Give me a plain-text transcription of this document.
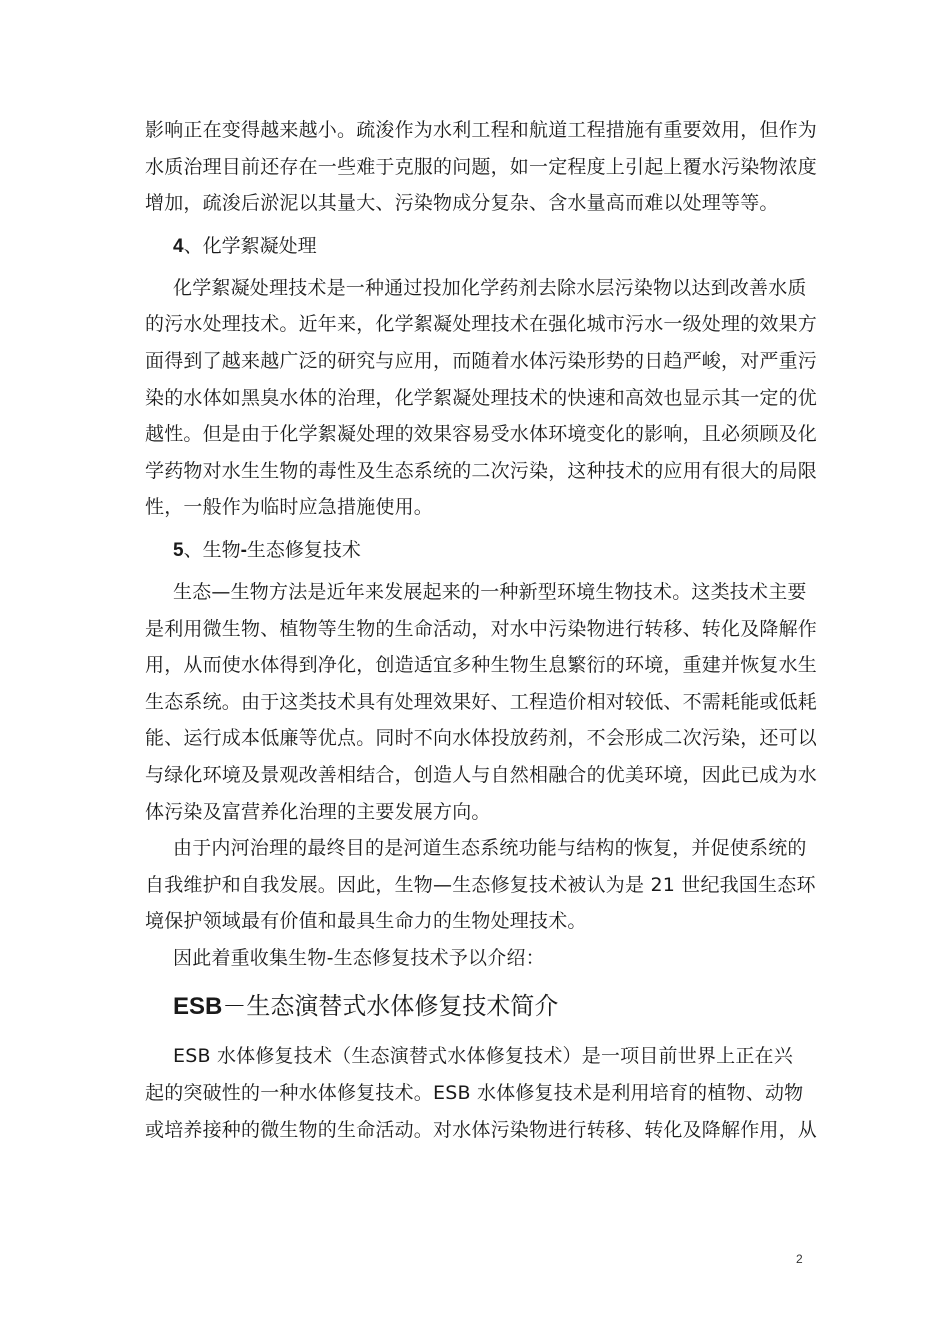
影响正在变得越来越小。疏浚作为水利工程和航道工程措施有重要效用，但作为
水质治理目前还存在一些难于克服的问题，如一定程度上引起上覆水污染物浓度
增加，疏浚后淤泥以其量大、污染物成分复杂、含水量高而难以处理等等。
4、化学絮凝处理
化学絮凝处理技术是一种通过投加化学药剂去除水层污染物以达到改善水质
的污水处理技术。近年来，化学絮凝处理技术在强化城市污水一级处理的效果方
面得到了越来越广泛的研究与应用，而随着水体污染形势的日趋严峻，对严重污
染的水体如黑臭水体的治理，化学絮凝处理技术的快速和高效也显示其一定的优
越性。但是由于化学絮凝处理的效果容易受水体环境变化的影响，且必须顾及化
学药物对水生生物的毒性及生态系统的二次污染，这种技术的应用有很大的局限
性，一般作为临时应急措施使用。
5、生物-生态修复技术
生态—生物方法是近年来发展起来的一种新型环境生物技术。这类技术主要
是利用微生物、植物等生物的生命活动，对水中污染物进行转移、转化及降解作
用，从而使水体得到净化，创造适宜多种生物生息繁衍的环境，重建并恢复水生
生态系统。由于这类技术具有处理效果好、工程造价相对较低、不需耗能或低耗
能、运行成本低廉等优点。同时不向水体投放药剂，不会形成二次污染，还可以
与绿化环境及景观改善相结合，创造人与自然相融合的优美环境，因此已成为水
体污染及富营养化治理的主要发展方向。
由于内河治理的最终目的是河道生态系统功能与结构的恢复，并促使系统的
自我维护和自我发展。因此，生物—生态修复技术被认为是 21 世纪我国生态环
境保护领域最有价值和最具生命力的生物处理技术。
因此着重收集生物-生态修复技术予以介绍：
ESB－生态演替式水体修复技术简介
ESB 水体修复技术（生态演替式水体修复技术）是一项目前世界上正在兴
起的突破性的一种水体修复技术。ESB 水体修复技术是利用培育的植物、动物
或培养接种的微生物的生命活动。对水体污染物进行转移、转化及降解作用，从
2
